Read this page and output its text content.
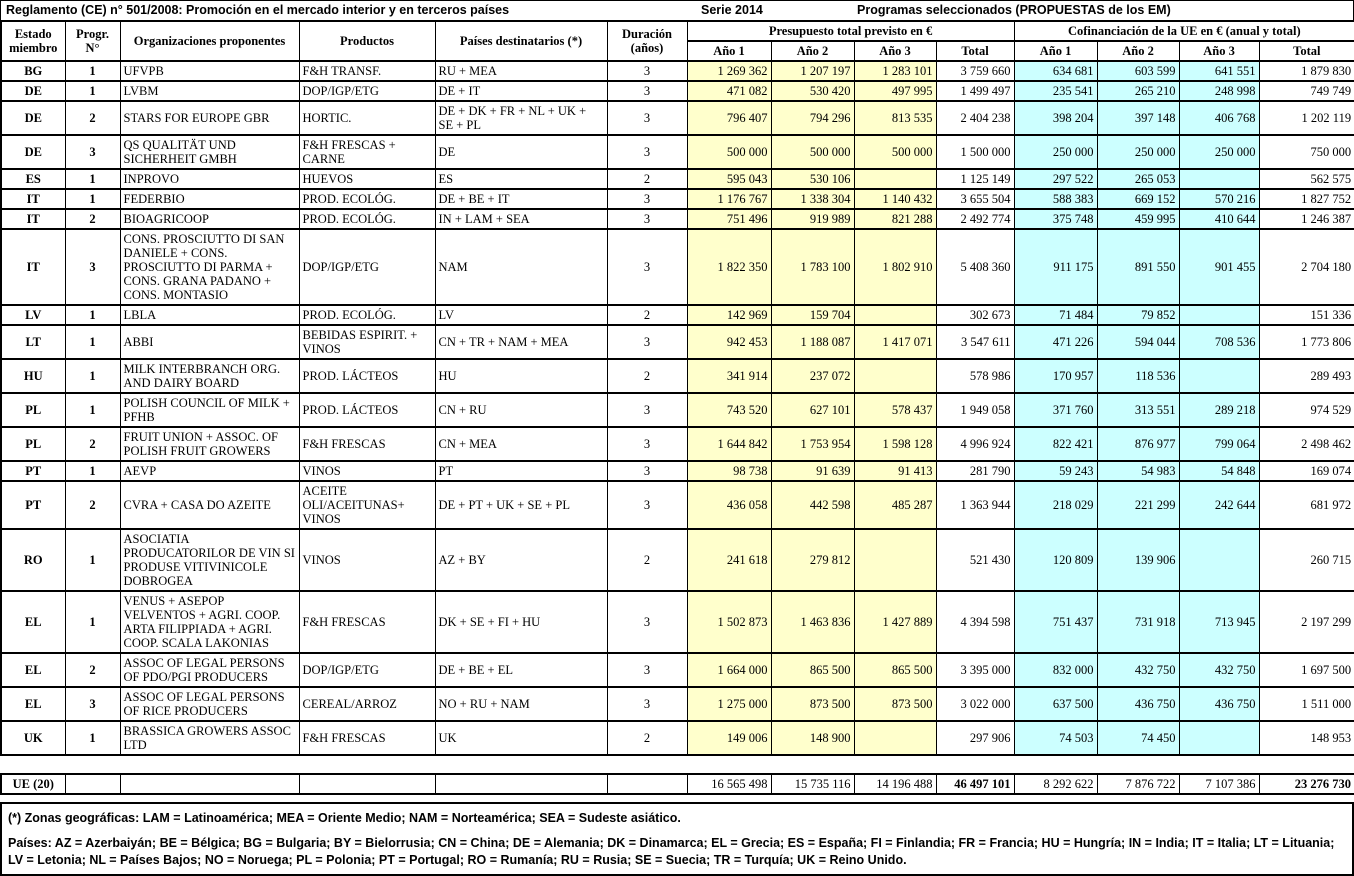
Reglamento (CE) n° 501/2008: Promoción en el mercado interior y en terceros países	Serie 2014	Programas seleccionados (PROPUESTAS de los EM)
Estado miembro	Progr. N°	Organizaciones proponentes	Productos	Países destinatarios (*)	Duración (años)	Presupuesto total previsto en €				Cofinanciación de la UE en € (anual y total)			
						Año 1	Año 2	Año 3	Total	Año 1	Año 2	Año 3	Total
BG	1	UFVPB	F&H TRANSF.	RU + MEA	3	1 269 362	1 207 197	1 283 101	3 759 660	634 681	603 599	641 551	1 879 830
DE	1	LVBM	DOP/IGP/ETG	DE + IT	3	471 082	530 420	497 995	1 499 497	235 541	265 210	248 998	749 749
DE	2	STARS FOR EUROPE GBR	HORTIC.	DE + DK + FR + NL + UK + SE + PL	3	796 407	794 296	813 535	2 404 238	398 204	397 148	406 768	1 202 119
DE	3	QS QUALITÄT UND SICHERHEIT GMBH	F&H FRESCAS + CARNE	DE	3	500 000	500 000	500 000	1 500 000	250 000	250 000	250 000	750 000
ES	1	INPROVO	HUEVOS	ES	2	595 043	530 106		1 125 149	297 522	265 053		562 575
IT	1	FEDERBIO	PROD. ECOLÓG.	DE + BE + IT	3	1 176 767	1 338 304	1 140 432	3 655 504	588 383	669 152	570 216	1 827 752
IT	2	BIOAGRICOOP	PROD. ECOLÓG.	IN + LAM + SEA	3	751 496	919 989	821 288	2 492 774	375 748	459 995	410 644	1 246 387
IT	3	CONS. PROSCIUTTO DI SAN DANIELE + CONS. PROSCIUTTO DI PARMA + CONS. GRANA PADANO + CONS. MONTASIO	DOP/IGP/ETG	NAM	3	1 822 350	1 783 100	1 802 910	5 408 360	911 175	891 550	901 455	2 704 180
LV	1	LBLA	PROD. ECOLÓG.	LV	2	142 969	159 704		302 673	71 484	79 852		151 336
LT	1	ABBI	BEBIDAS ESPIRIT. + VINOS	CN + TR + NAM + MEA	3	942 453	1 188 087	1 417 071	3 547 611	471 226	594 044	708 536	1 773 806
HU	1	MILK INTERBRANCH ORG. AND DAIRY BOARD	PROD. LÁCTEOS	HU	2	341 914	237 072		578 986	170 957	118 536		289 493
PL	1	POLISH COUNCIL OF MILK + PFHB	PROD. LÁCTEOS	CN + RU	3	743 520	627 101	578 437	1 949 058	371 760	313 551	289 218	974 529
PL	2	FRUIT UNION + ASSOC. OF POLISH FRUIT GROWERS	F&H FRESCAS	CN + MEA	3	1 644 842	1 753 954	1 598 128	4 996 924	822 421	876 977	799 064	2 498 462
PT	1	AEVP	VINOS	PT	3	98 738	91 639	91 413	281 790	59 243	54 983	54 848	169 074
PT	2	CVRA + CASA DO AZEITE	ACEITE OLI/ACEITUNAS+ VINOS	DE + PT + UK + SE + PL	3	436 058	442 598	485 287	1 363 944	218 029	221 299	242 644	681 972
RO	1	ASOCIATIA PRODUCATORILOR DE VIN SI PRODUSE VITIVINICOLE DOBROGEA	VINOS	AZ + BY	2	241 618	279 812		521 430	120 809	139 906		260 715
EL	1	VENUS + ASEPOP VELVENTOS + AGRI. COOP. ARTA FILIPPIADA + AGRI. COOP. SCALA LAKONIAS	F&H FRESCAS	DK + SE + FI + HU	3	1 502 873	1 463 836	1 427 889	4 394 598	751 437	731 918	713 945	2 197 299
EL	2	ASSOC OF LEGAL PERSONS OF PDO/PGI PRODUCERS	DOP/IGP/ETG	DE + BE + EL	3	1 664 000	865 500	865 500	3 395 000	832 000	432 750	432 750	1 697 500
EL	3	ASSOC OF LEGAL PERSONS OF RICE PRODUCERS	CEREAL/ARROZ	NO + RU + NAM	3	1 275 000	873 500	873 500	3 022 000	637 500	436 750	436 750	1 511 000
UK	1	BRASSICA GROWERS ASSOC LTD	F&H FRESCAS	UK	2	149 006	148 900		297 906	74 503	74 450		148 953
UE (20)						16 565 498	15 735 116	14 196 488	46 497 101	8 292 622	7 876 722	7 107 386	23 276 730

(*) Zonas geográficas: LAM = Latinoamérica; MEA = Oriente Medio; NAM = Norteamérica; SEA = Sudeste asiático.

Países: AZ = Azerbaiyán; BE = Bélgica; BG = Bulgaria; BY = Bielorrusia; CN = China; DE = Alemania; DK = Dinamarca; EL = Grecia; ES = España; FI = Finlandia; FR = Francia; HU = Hungría; IN = India; IT = Italia; LT = Lituania; LV = Letonia; NL = Países Bajos; NO = Noruega; PL = Polonia; PT = Portugal; RO = Rumanía; RU = Rusia; SE = Suecia; TR = Turquía; UK = Reino Unido.
